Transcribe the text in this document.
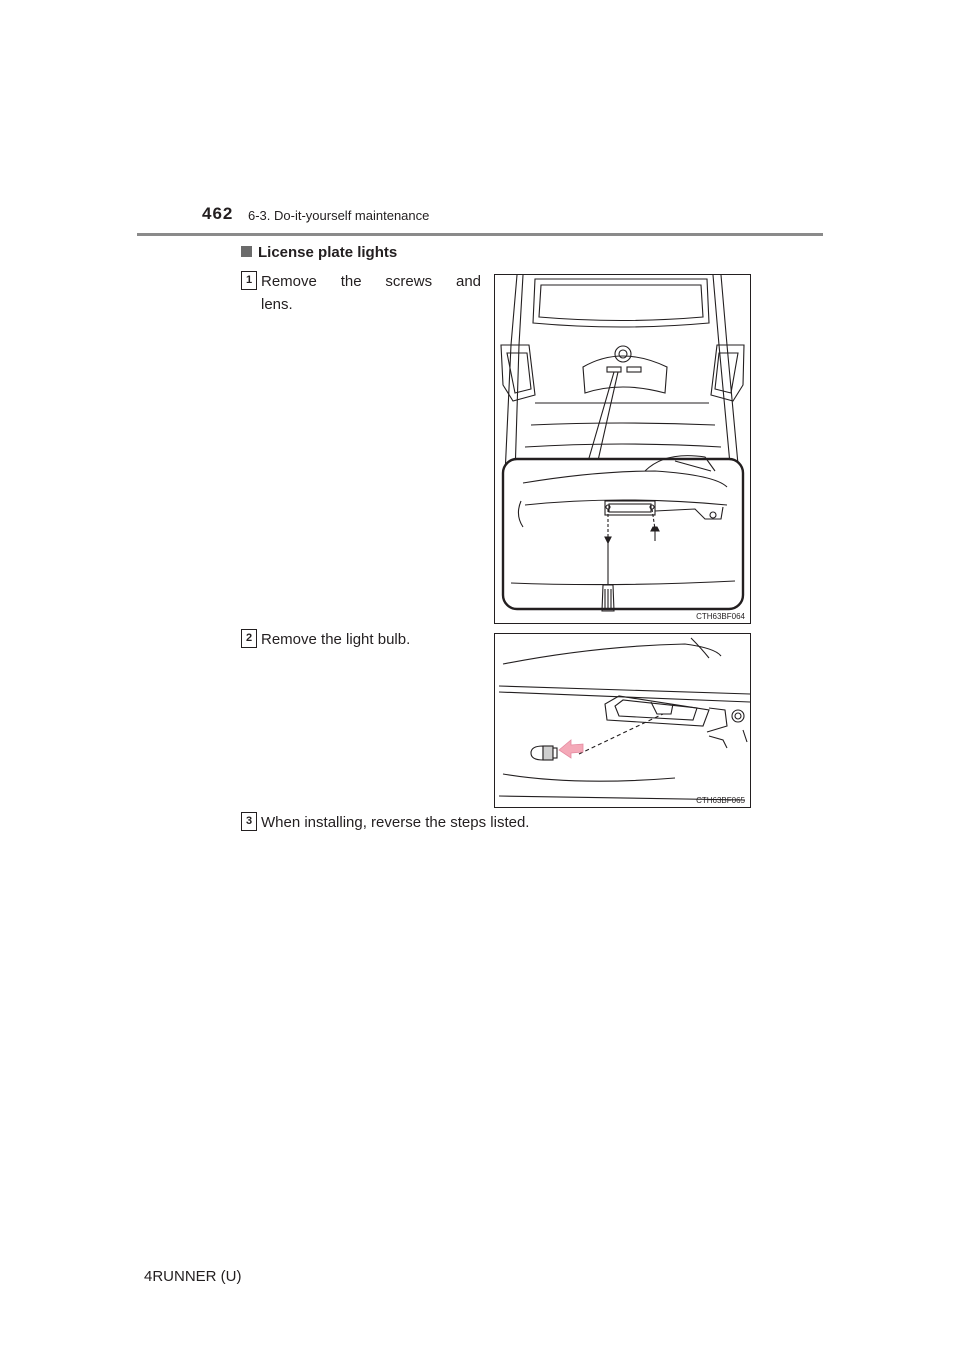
462 6-3. Do-it-yourself maintenance
License plate lights
1 Remove the screws and
lens.
CTH63BF064
2 Remove the light bulb.
CTH63BF065
3 When installing, reverse the steps listed.
4RUNNER (U)
